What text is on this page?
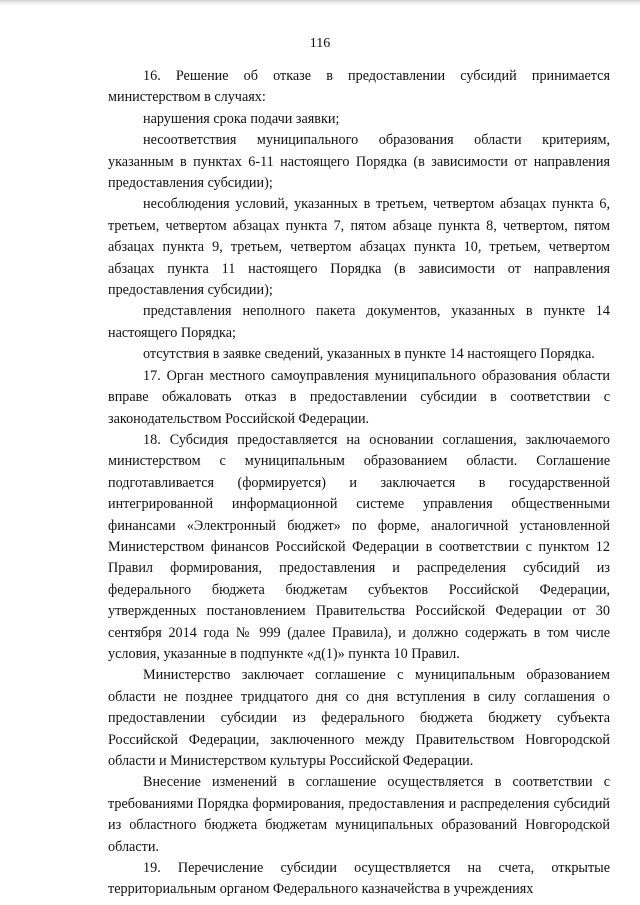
116

16. Решение об отказе в предоставлении субсидий принимается министерством в случаях:

нарушения срока подачи заявки;

несоответствия муниципального образования области критериям, указанным в пунктах 6-11 настоящего Порядка (в зависимости от направления предоставления субсидии);

несоблюдения условий, указанных в третьем, четвертом абзацах пункта 6, третьем, четвертом абзацах пункта 7, пятом абзаце пункта 8, четвертом, пятом абзацах пункта 9, третьем, четвертом абзацах пункта 10, третьем, четвертом абзацах пункта 11 настоящего Порядка (в зависимости от направления предоставления субсидии);

представления неполного пакета документов, указанных в пункте 14 настоящего Порядка;

отсутствия в заявке сведений, указанных в пункте 14 настоящего Порядка.

17. Орган местного самоуправления муниципального образования области вправе обжаловать отказ в предоставлении субсидии в соответствии с законодательством Российской Федерации.

18. Субсидия предоставляется на основании соглашения, заключаемого министерством с муниципальным образованием области. Соглашение подготавливается (формируется) и заключается в государственной интегрированной информационной системе управления общественными финансами «Электронный бюджет» по форме, аналогичной установленной Министерством финансов Российской Федерации в соответствии с пунктом 12 Правил формирования, предоставления и распределения субсидий из федерального бюджета бюджетам субъектов Российской Федерации, утвержденных постановлением Правительства Российской Федерации от 30 сентября 2014 года № 999 (далее Правила), и должно содержать в том числе условия, указанные в подпункте «д(1)» пункта 10 Правил.

Министерство заключает соглашение с муниципальным образованием области не позднее тридцатого дня со дня вступления в силу соглашения о предоставлении субсидии из федерального бюджета бюджету субъекта Российской Федерации, заключенного между Правительством Новгородской области и Министерством культуры Российской Федерации.

Внесение изменений в соглашение осуществляется в соответствии с требованиями Порядка формирования, предоставления и распределения субсидий из областного бюджета бюджетам муниципальных образований Новгородской области.

19. Перечисление субсидии осуществляется на счета, открытые территориальным органом Федерального казначейства в учреждениях
